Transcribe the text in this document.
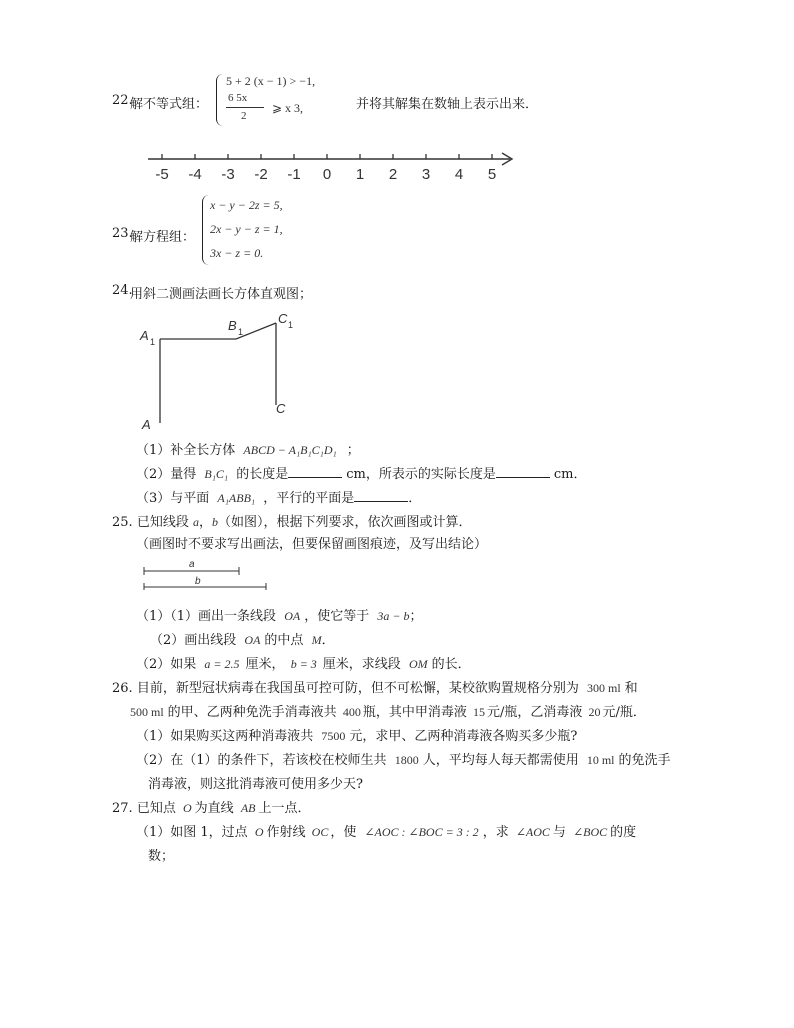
22.
解不等式组：
5 + 2 (x − 1) > −1,
6 5x
2
⩾ x 3,	并将其解集在数轴上表示出来．
-5 -4 -3 -2 -1 0 1 2 3 4 5
23.
解方程组：
x − y − 2z = 5,
2x − y − z = 1,
3x − z = 0.
24.
用斜二测画法画长方体直观图；
A 1
B 1
C 1
A
C
（1）补全长方体 ABCD − A₁B₁C₁D₁ ；
（2）量得 B₁C₁ 的长度是	cm，所表示的实际长度是	cm．
（3）与平面 A₁ABB₁ ，平行的平面是	．
25. 已知线段 a，b（如图），根据下列要求，依次画图或计算．
（画图时不要求写出画法，但要保留画图痕迹，及写出结论）
a
b
（1）（1）画出一条线段 OA ，使它等于 3a − b；
（2）画出线段 OA 的中点 M．
（2）如果 a = 2.5 厘米， b = 3 厘米，求线段 OM 的长．
26. 目前，新型冠状病毒在我国虽可控可防，但不可松懈，某校欲购置规格分别为 300 ml 和
500 ml 的甲、乙两种免洗手消毒液共 400 瓶，其中甲消毒液 15 元/瓶，乙消毒液 20 元/瓶．
（1）如果购买这两种消毒液共 7500 元，求甲、乙两种消毒液各购买多少瓶?
（2）在（1）的条件下，若该校在校师生共 1800 人，平均每人每天都需使用 10 ml 的免洗手
消毒液，则这批消毒液可使用多少天?
27. 已知点 O 为直线 AB 上一点．
（1）如图 1，过点 O 作射线 OC ，使 ∠AOC : ∠BOC = 3 : 2 ，求 ∠AOC 与 ∠BOC 的度
数；
